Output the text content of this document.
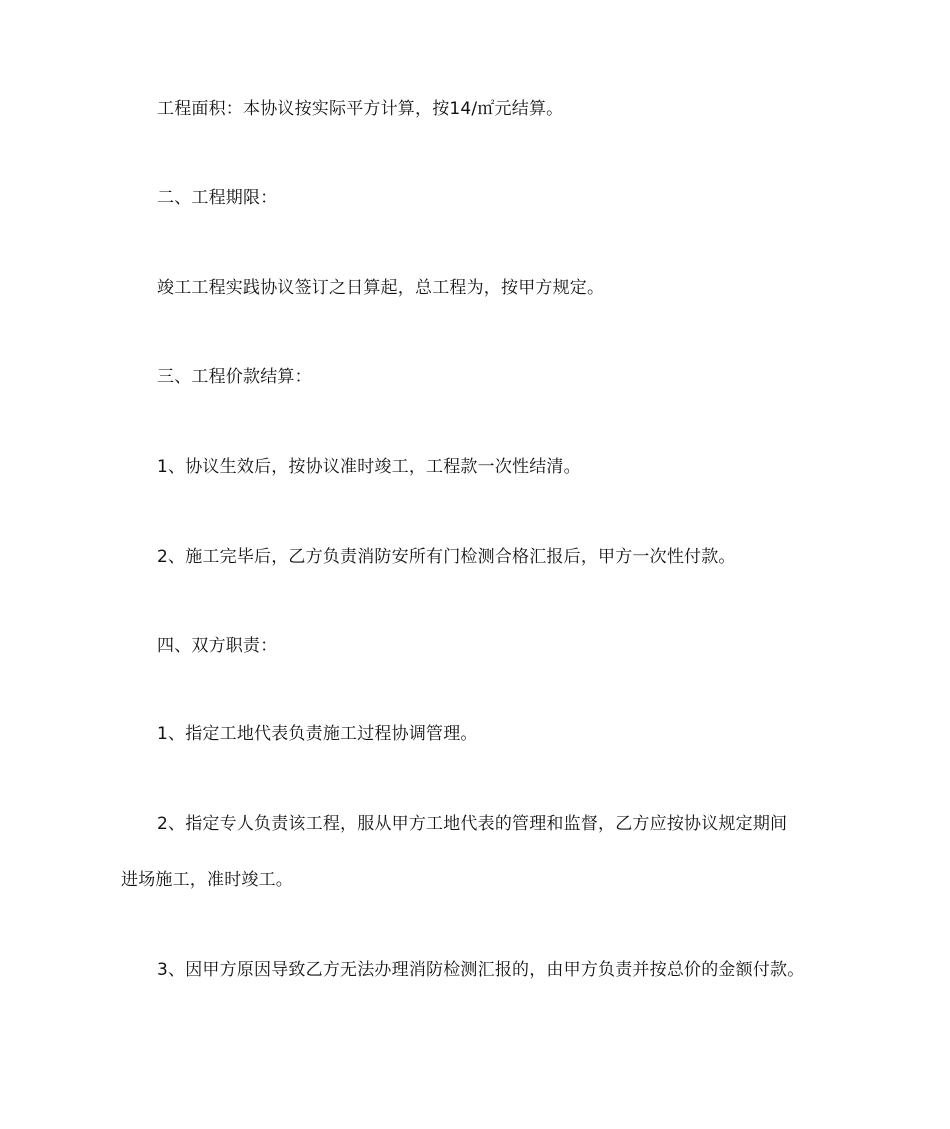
工程面积：本协议按实际平方计算，按14/㎡元结算。
二、工程期限：
竣工工程实践协议签订之日算起，总工程为，按甲方规定。
三、工程价款结算：
1、协议生效后，按协议准时竣工，工程款一次性结清。
2、施工完毕后，乙方负责消防安所有门检测合格汇报后，甲方一次性付款。
四、双方职责：
1、指定工地代表负责施工过程协调管理。
2、指定专人负责该工程，服从甲方工地代表的管理和监督，乙方应按协议规定期间
进场施工，准时竣工。
3、因甲方原因导致乙方无法办理消防检测汇报的，由甲方负责并按总价的金额付款。
